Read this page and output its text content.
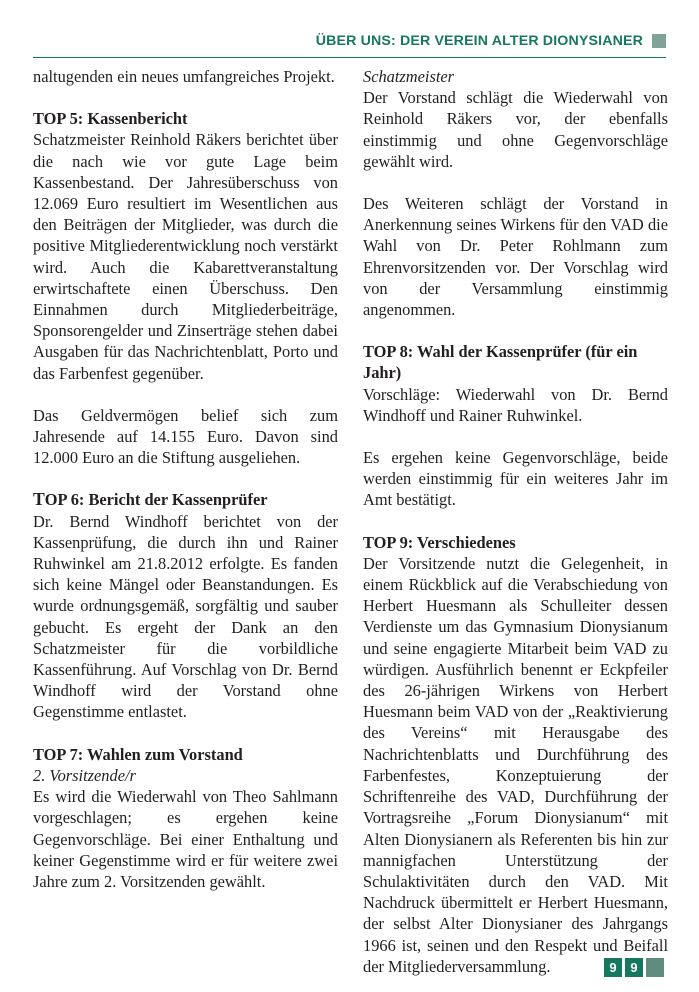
ÜBER UNS: DER VEREIN ALTER DIONYSIANER

naltugenden ein neues umfangreiches Projekt.

TOP 5: Kassenbericht

Schatzmeister Reinhold Räkers berichtet über die nach wie vor gute Lage beim Kassenbestand. Der Jahresüberschuss von 12.069 Euro resultiert im Wesentlichen aus den Beiträgen der Mitglieder, was durch die positive Mitgliederentwicklung noch verstärkt wird. Auch die Kabarettveranstaltung erwirtschaftete einen Überschuss. Den Einnahmen durch Mitgliederbeiträge, Sponsorengelder und Zinserträge stehen dabei Ausgaben für das Nachrichtenblatt, Porto und das Farbenfest gegenüber.

Das Geldvermögen belief sich zum Jahresende auf 14.155 Euro. Davon sind 12.000 Euro an die Stiftung ausgeliehen.

TOP 6: Bericht der Kassenprüfer

Dr. Bernd Windhoff berichtet von der Kassenprüfung, die durch ihn und Rainer Ruhwinkel am 21.8.2012 erfolgte. Es fanden sich keine Mängel oder Beanstandungen. Es wurde ordnungsgemäß, sorgfältig und sauber gebucht. Es ergeht der Dank an den Schatzmeister für die vorbildliche Kassenführung. Auf Vorschlag von Dr. Bernd Windhoff wird der Vorstand ohne Gegenstimme entlastet.

TOP 7: Wahlen zum Vorstand
2. Vorsitzende/r

Es wird die Wiederwahl von Theo Sahlmann vorgeschlagen; es ergehen keine Gegenvorschläge. Bei einer Enthaltung und keiner Gegenstimme wird er für weitere zwei Jahre zum 2. Vorsitzenden gewählt.

Schatzmeister

Der Vorstand schlägt die Wiederwahl von Reinhold Räkers vor, der ebenfalls einstimmig und ohne Gegenvorschläge gewählt wird.

Des Weiteren schlägt der Vorstand in Anerkennung seines Wirkens für den VAD die Wahl von Dr. Peter Rohlmann zum Ehrenvorsitzenden vor. Der Vorschlag wird von der Versammlung einstimmig angenommen.

TOP 8: Wahl der Kassenprüfer (für ein Jahr)

Vorschläge: Wiederwahl von Dr. Bernd Windhoff und Rainer Ruhwinkel.

Es ergehen keine Gegenvorschläge, beide werden einstimmig für ein weiteres Jahr im Amt bestätigt.

TOP 9: Verschiedenes

Der Vorsitzende nutzt die Gelegenheit, in einem Rückblick auf die Verabschiedung von Herbert Huesmann als Schulleiter dessen Verdienste um das Gymnasium Dionysianum und seine engagierte Mitarbeit beim VAD zu würdigen. Ausführlich benennt er Eckpfeiler des 26-jährigen Wirkens von Herbert Huesmann beim VAD von der „Reaktivierung des Vereins“ mit Herausgabe des Nachrichtenblatts und Durchführung des Farbenfestes, Konzeptuierung der Schriftenreihe des VAD, Durchführung der Vortragsreihe „Forum Dionysianum“ mit Alten Dionysianern als Referenten bis hin zur mannigfachen Unterstützung der Schulaktivitäten durch den VAD. Mit Nachdruck übermittelt er Herbert Huesmann, der selbst Alter Dionysianer des Jahrgangs 1966 ist, seinen und den Respekt und Beifall der Mitgliederversammlung.	9	9
